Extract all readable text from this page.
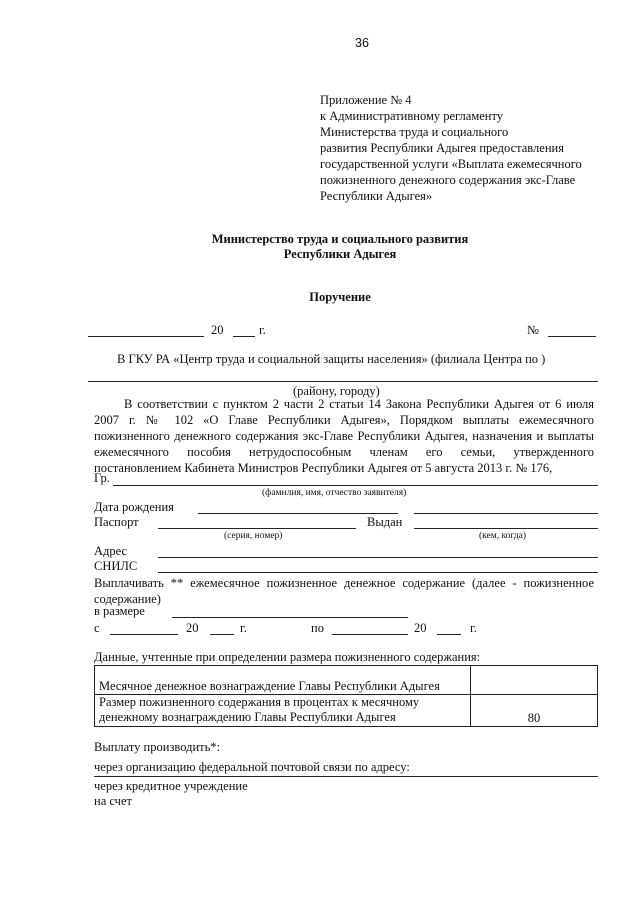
36
Приложение № 4
к Административному регламенту
Министерства труда и социального
развития Республики Адыгея предоставления
государственной услуги «Выплата ежемесячного
пожизненного денежного содержания экс-Главе
Республики Адыгея»
Министерство труда и социального развития
Республики Адыгея
Поручение
20	г.	№
В ГКУ РА «Центр труда и социальной защиты населения» (филиала Центра по )
(району, городу)

В соответствии с пунктом 2 части 2 статьи 14 Закона Республики Адыгея от 6 июля 2007 г. № 102 «О Главе Республики Адыгея», Порядком выплаты ежемесячного пожизненного денежного содержания экс-Главе Республики Адыгея, назначения и выплаты ежемесячного пособия нетрудоспособным членам его семьи, утвержденного постановлением Кабинета Министров Республики Адыгея от 5 августа 2013 г. № 176,

Гр.
(фамилия, имя, отчество заявителя)
Дата рождения
Паспорт	Выдан
(серия, номер)	(кем, когда)
Адрес
СНИЛС

Выплачивать ** ежемесячное пожизненное денежное содержание (далее - пожизненное содержание)

в размере
с	20	г.	по	20	г.
Данные, учтенные при определении размера пожизненного содержания:
Месячное денежное вознаграждение Главы Республики Адыгея	
Размер пожизненного содержания в процентах к месячному денежному вознаграждению Главы Республики Адыгея	80
Выплату производить*:
через организацию федеральной почтовой связи по адресу:
через кредитное учреждение
на счет
